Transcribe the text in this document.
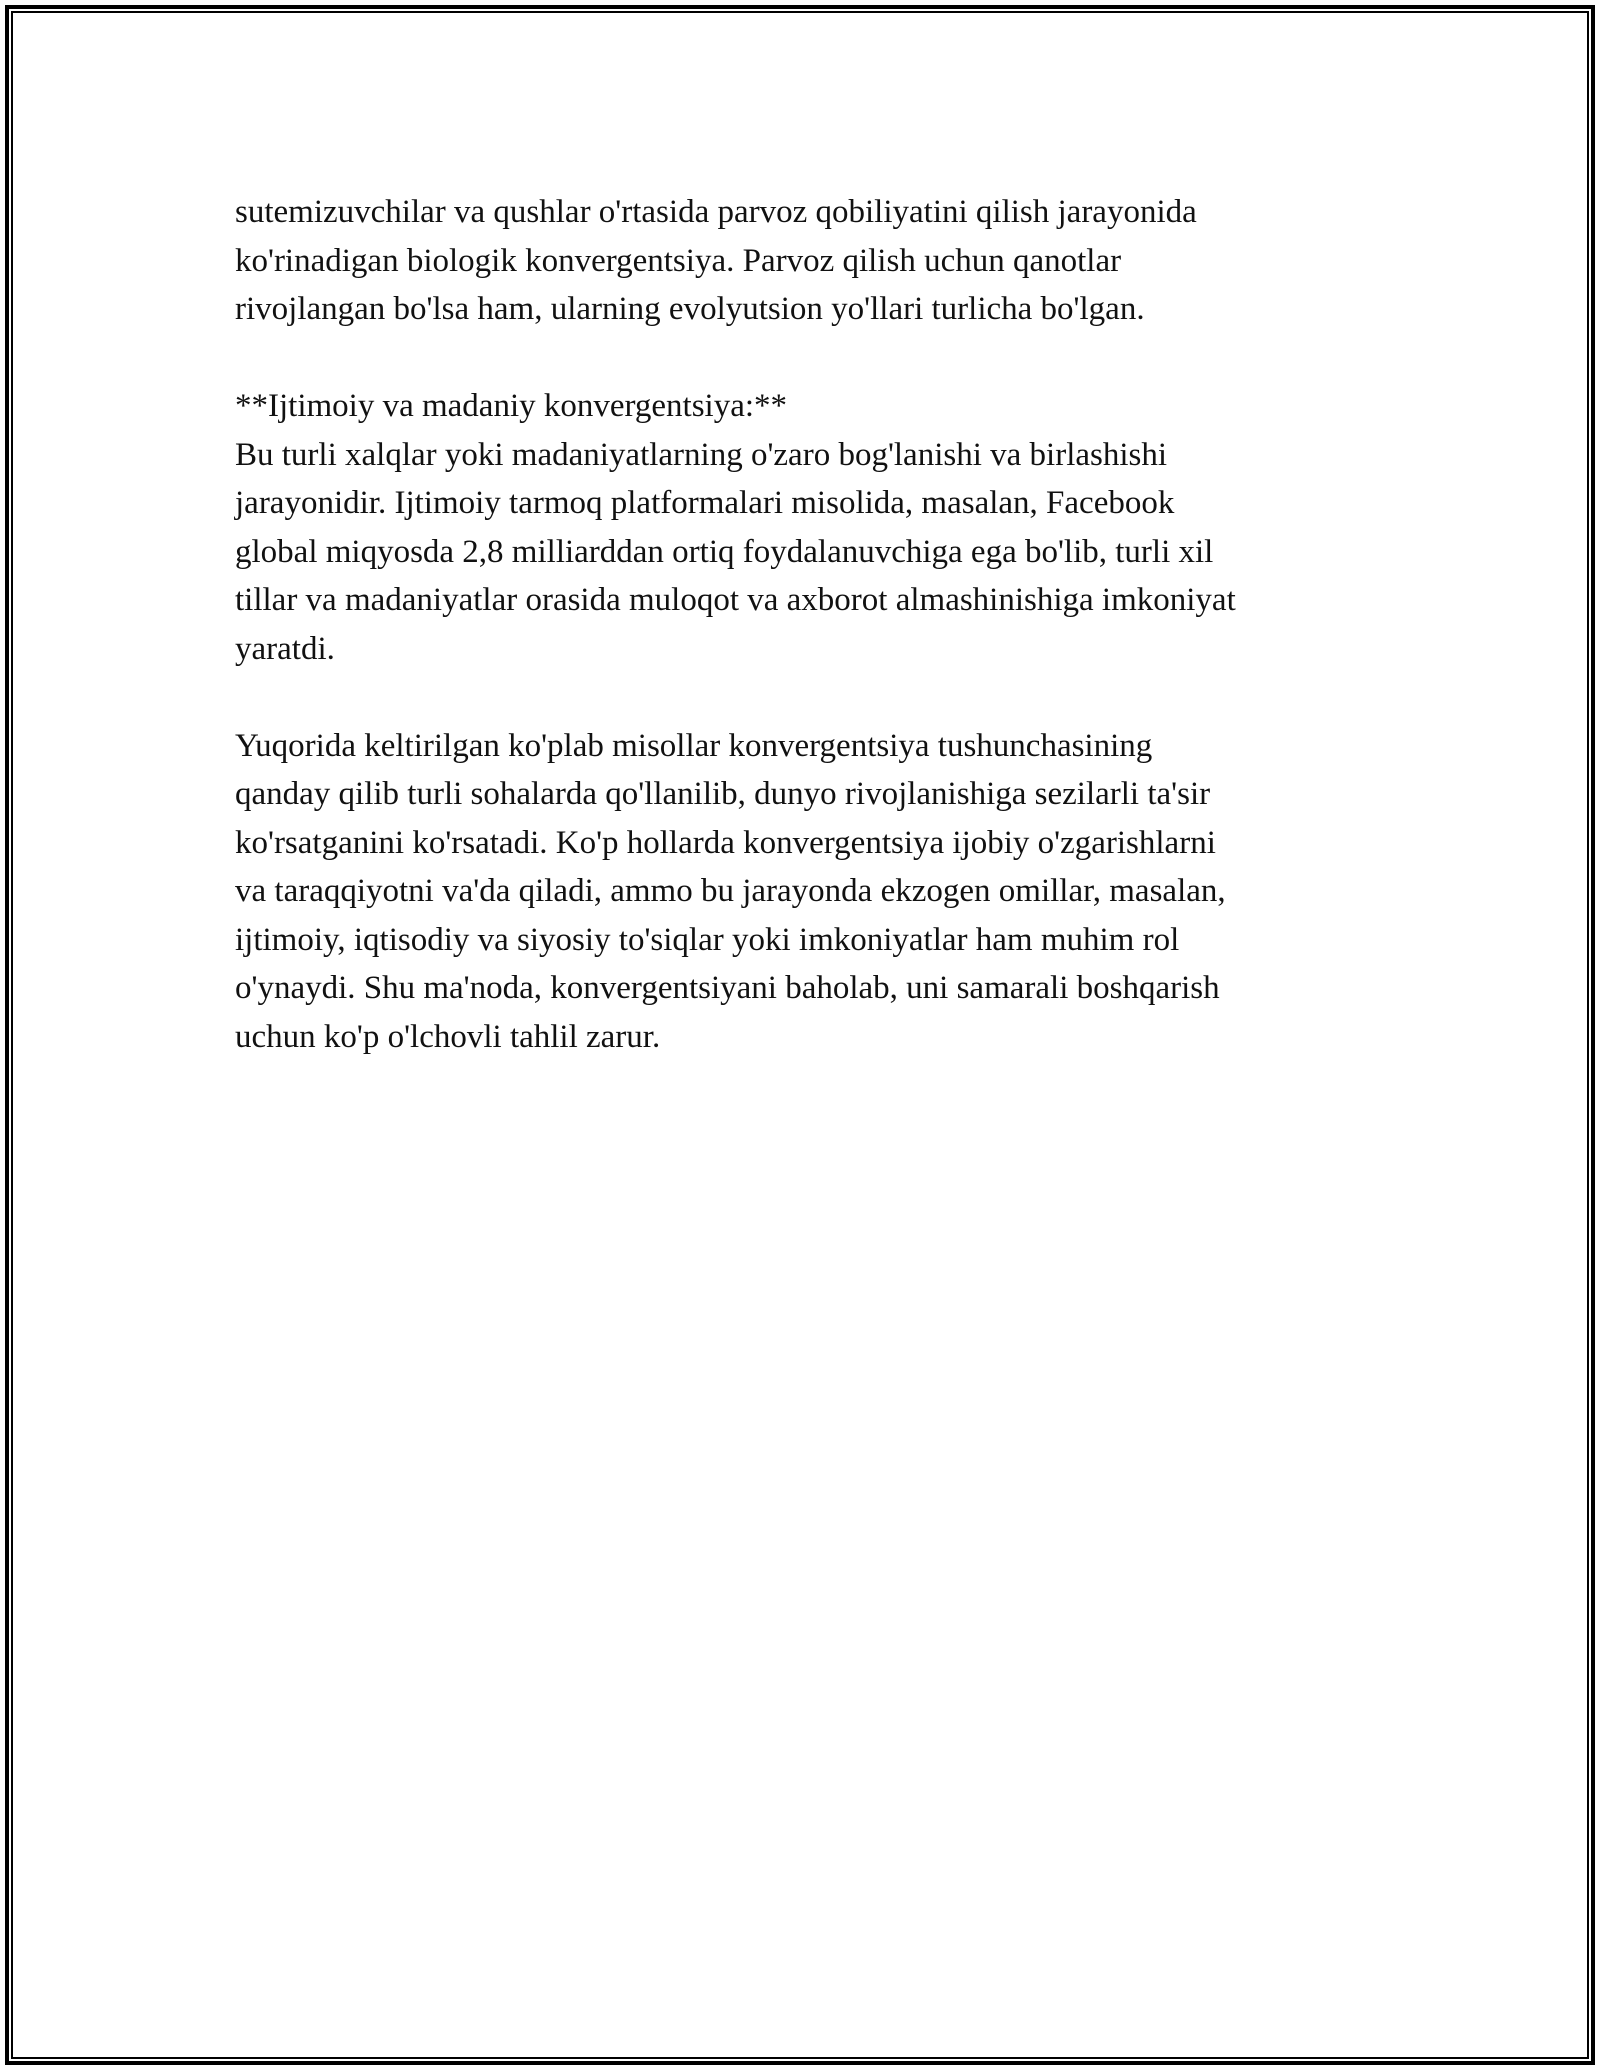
sutemizuvchilar va qushlar o'rtasida parvoz qobiliyatini qilish jarayonida
ko'rinadigan biologik konvergentsiya. Parvoz qilish uchun qanotlar
rivojlangan bo'lsa ham, ularning evolyutsion yo'llari turlicha bo'lgan.

**Ijtimoiy va madaniy konvergentsiya:**
Bu turli xalqlar yoki madaniyatlarning o'zaro bog'lanishi va birlashishi
jarayonidir. Ijtimoiy tarmoq platformalari misolida, masalan, Facebook
global miqyosda 2,8 milliarddan ortiq foydalanuvchiga ega bo'lib, turli xil
tillar va madaniyatlar orasida muloqot va axborot almashinishiga imkoniyat
yaratdi.

Yuqorida keltirilgan ko'plab misollar konvergentsiya tushunchasining
qanday qilib turli sohalarda qo'llanilib, dunyo rivojlanishiga sezilarli ta'sir
ko'rsatganini ko'rsatadi. Ko'p hollarda konvergentsiya ijobiy o'zgarishlarni
va taraqqiyotni va'da qiladi, ammo bu jarayonda ekzogen omillar, masalan,
ijtimoiy, iqtisodiy va siyosiy to'siqlar yoki imkoniyatlar ham muhim rol
o'ynaydi. Shu ma'noda, konvergentsiyani baholab, uni samarali boshqarish
uchun ko'p o'lchovli tahlil zarur.
